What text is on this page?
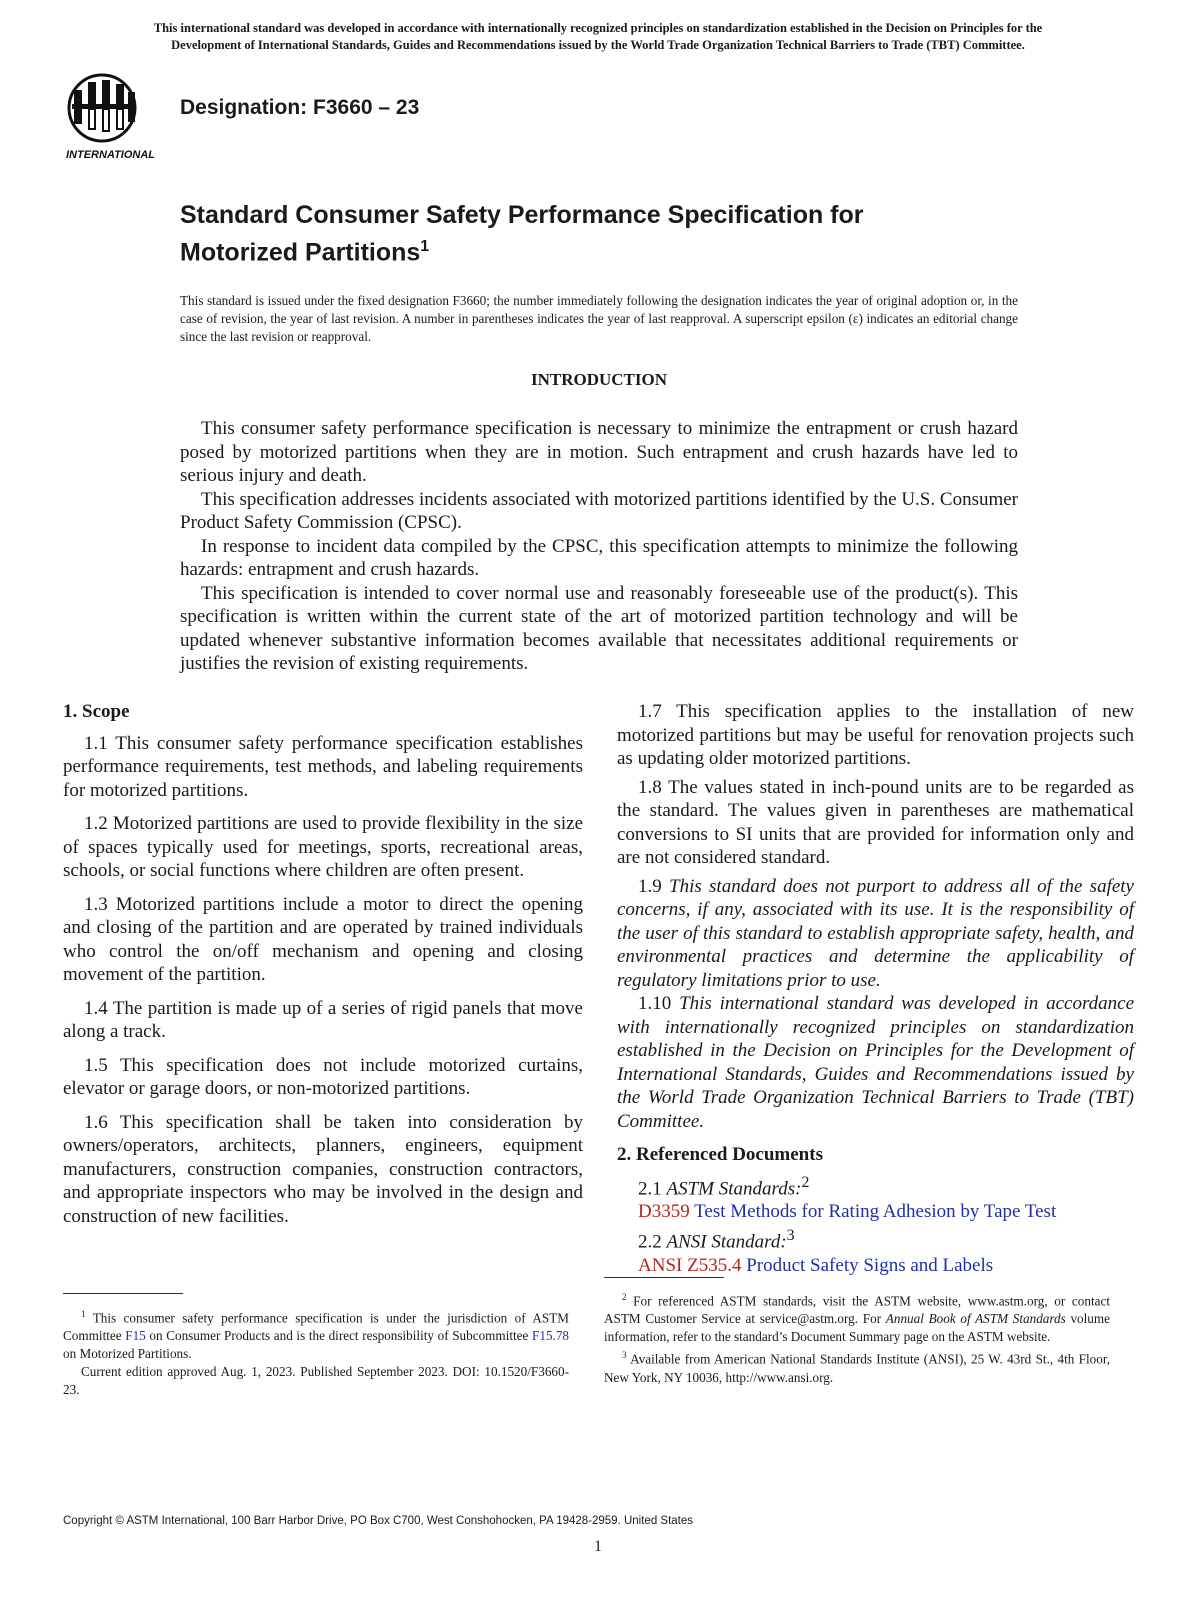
This international standard was developed in accordance with internationally recognized principles on standardization established in the Decision on Principles for the
Development of International Standards, Guides and Recommendations issued by the World Trade Organization Technical Barriers to Trade (TBT) Committee.
INTERNATIONAL
Designation: F3660 – 23
Standard Consumer Safety Performance Specification for
Motorized Partitions$^1$
This standard is issued under the fixed designation F3660; the number immediately following the designation indicates the year of original adoption or, in the case of revision, the year of last revision. A number in parentheses indicates the year of last reapproval. A superscript epsilon (ε) indicates an editorial change since the last revision or reapproval.
INTRODUCTION

This consumer safety performance specification is necessary to minimize the entrapment or crush hazard posed by motorized partitions when they are in motion. Such entrapment and crush hazards have led to serious injury and death.

This specification addresses incidents associated with motorized partitions identified by the U.S. Consumer Product Safety Commission (CPSC).

In response to incident data compiled by the CPSC, this specification attempts to minimize the following hazards: entrapment and crush hazards.

This specification is intended to cover normal use and reasonably foreseeable use of the product(s). This specification is written within the current state of the art of motorized partition technology and will be updated whenever substantive information becomes available that necessitates additional requirements or justifies the revision of existing requirements.

1. Scope

1.1 This consumer safety performance specification establishes performance requirements, test methods, and labeling requirements for motorized partitions.

1.2 Motorized partitions are used to provide flexibility in the size of spaces typically used for meetings, sports, recreational areas, schools, or social functions where children are often present.

1.3 Motorized partitions include a motor to direct the opening and closing of the partition and are operated by trained individuals who control the on/off mechanism and opening and closing movement of the partition.

1.4 The partition is made up of a series of rigid panels that move along a track.

1.5 This specification does not include motorized curtains, elevator or garage doors, or non-motorized partitions.

1.6 This specification shall be taken into consideration by owners/operators, architects, planners, engineers, equipment manufacturers, construction companies, construction contractors, and appropriate inspectors who may be involved in the design and construction of new facilities.

1.7 This specification applies to the installation of new motorized partitions but may be useful for renovation projects such as updating older motorized partitions.

1.8 The values stated in inch-pound units are to be regarded as the standard. The values given in parentheses are mathematical conversions to SI units that are provided for information only and are not considered standard.

1.9 This standard does not purport to address all of the safety concerns, if any, associated with its use. It is the responsibility of the user of this standard to establish appropriate safety, health, and environmental practices and determine the applicability of regulatory limitations prior to use.

1.10 This international standard was developed in accordance with internationally recognized principles on standardization established in the Decision on Principles for the Development of International Standards, Guides and Recommendations issued by the World Trade Organization Technical Barriers to Trade (TBT) Committee.

2. Referenced Documents

2.1 ASTM Standards:$^2$

D3359 Test Methods for Rating Adhesion by Tape Test

2.2 ANSI Standard:$^3$

ANSI Z535.4 Product Safety Signs and Labels

$^1$ This consumer safety performance specification is under the jurisdiction of ASTM Committee F15 on Consumer Products and is the direct responsibility of Subcommittee F15.78 on Motorized Partitions.

Current edition approved Aug. 1, 2023. Published September 2023. DOI: 10.1520/F3660-23.

$^2$ For referenced ASTM standards, visit the ASTM website, www.astm.org, or contact ASTM Customer Service at service@astm.org. For Annual Book of ASTM Standards volume information, refer to the standard’s Document Summary page on the ASTM website.

$^3$ Available from American National Standards Institute (ANSI), 25 W. 43rd St., 4th Floor, New York, NY 10036, http://www.ansi.org.

Copyright © ASTM International, 100 Barr Harbor Drive, PO Box C700, West Conshohocken, PA 19428-2959. United States
1
